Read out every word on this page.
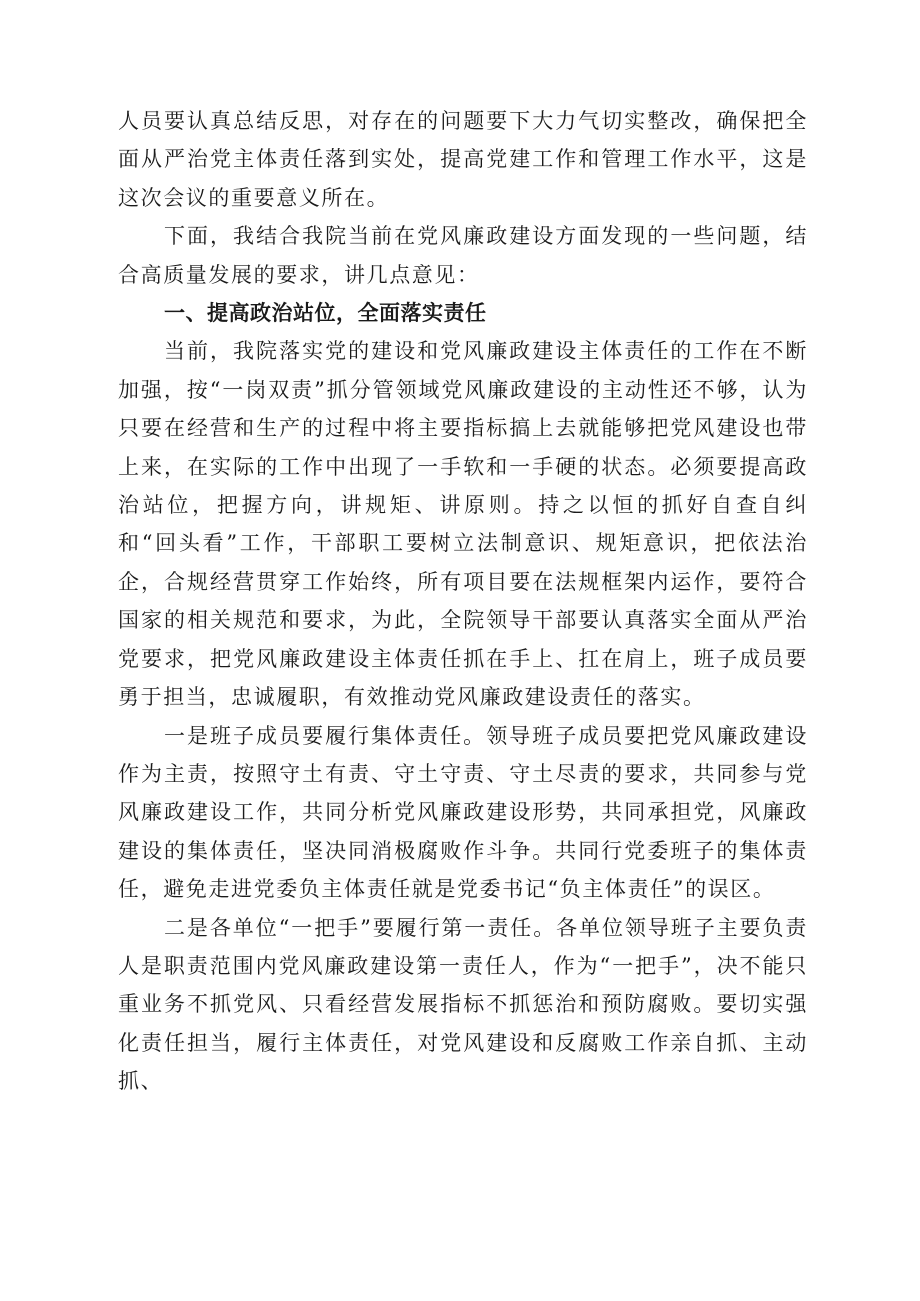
人员要认真总结反思，对存在的问题要下大力气切实整改，确保把全面从严治党主体责任落到实处，提高党建工作和管理工作水平，这是这次会议的重要意义所在。

下面，我结合我院当前在党风廉政建设方面发现的一些问题，结合高质量发展的要求，讲几点意见：

一、提高政治站位，全面落实责任

当前，我院落实党的建设和党风廉政建设主体责任的工作在不断加强，按“一岗双责”抓分管领域党风廉政建设的主动性还不够，认为只要在经营和生产的过程中将主要指标搞上去就能够把党风建设也带上来，在实际的工作中出现了一手软和一手硬的状态。必须要提高政治站位，把握方向，讲规矩、讲原则。持之以恒的抓好自查自纠和“回头看”工作，干部职工要树立法制意识、规矩意识，把依法治企，合规经营贯穿工作始终，所有项目要在法规框架内运作，要符合国家的相关规范和要求，为此，全院领导干部要认真落实全面从严治党要求，把党风廉政建设主体责任抓在手上、扛在肩上，班子成员要勇于担当，忠诚履职，有效推动党风廉政建设责任的落实。

一是班子成员要履行集体责任。领导班子成员要把党风廉政建设作为主责，按照守土有责、守土守责、守土尽责的要求，共同参与党风廉政建设工作，共同分析党风廉政建设形势，共同承担党，风廉政建设的集体责任，坚决同消极腐败作斗争。共同行党委班子的集体责任，避免走进党委负主体责任就是党委书记“负主体责任”的误区。

二是各单位“一把手”要履行第一责任。各单位领导班子主要负责人是职责范围内党风廉政建设第一责任人，作为“一把手”，决不能只重业务不抓党风、只看经营发展指标不抓惩治和预防腐败。要切实强化责任担当，履行主体责任，对党风建设和反腐败工作亲自抓、主动抓、
